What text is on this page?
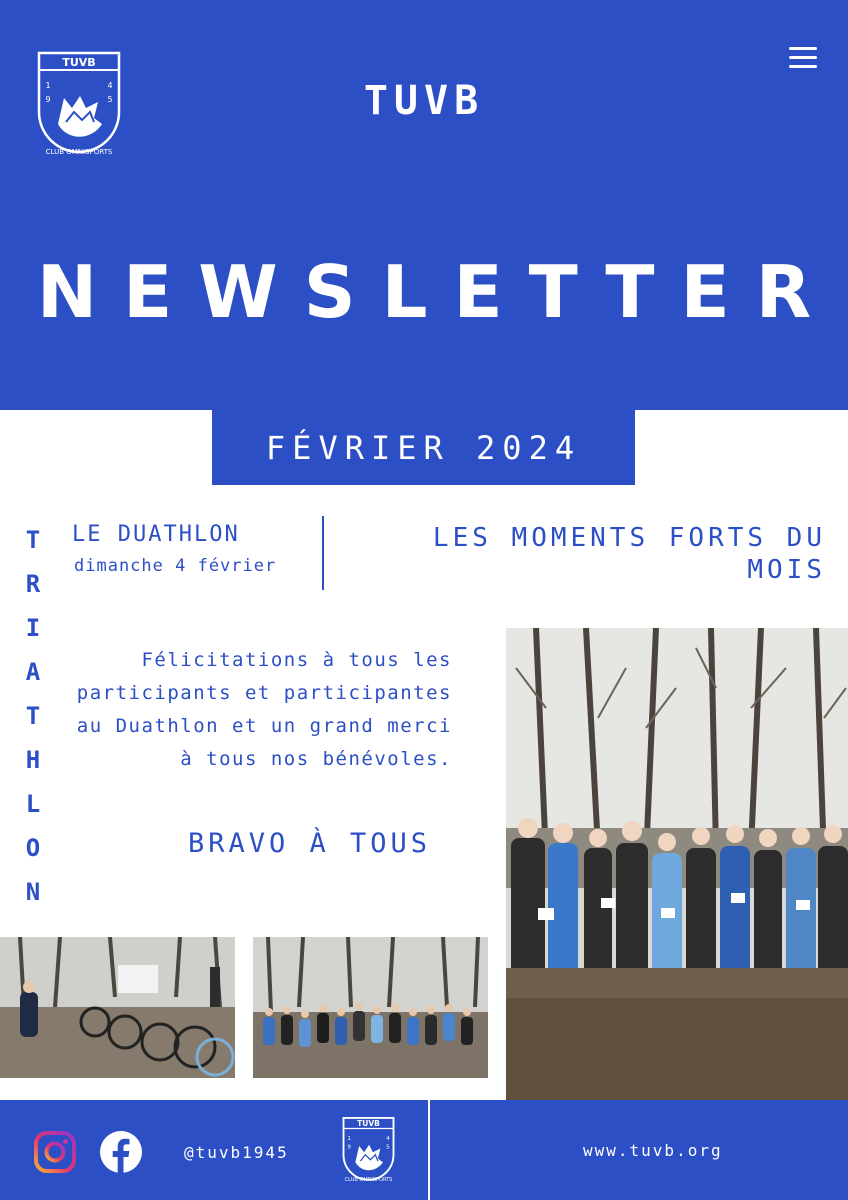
TUVB
1
9
4
5
CLUB OMNISPORTS
TUVB
NEWSLETTER
FÉVRIER 2024
T
R
I
A
T
H
L
O
N
LE DUATHLON
dimanche 4 février
LES MOMENTS FORTS DU
MOIS
Félicitations à tous les
participants et participantes
au Duathlon et un grand merci
à tous nos bénévoles.
BRAVO À TOUS
@tuvb1945
TUVB
1
9
4
5
CLUB OMNISPORTS
www.tuvb.org
